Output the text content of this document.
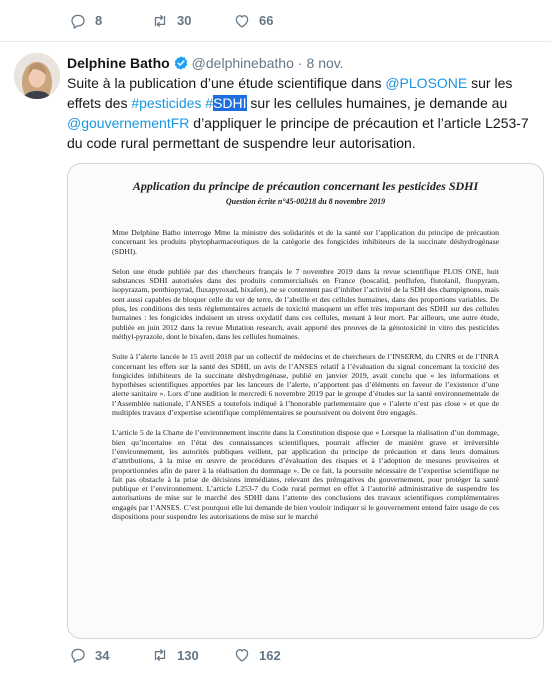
8	30	66
Delphine Batho @delphinebatho · 8 nov.
Suite à la publication d’une étude scientifique dans @PLOSONE sur les effets des #pesticides #SDHI sur les cellules humaines, je demande au @gouvernementFR d’appliquer le principe de précaution et l’article L253-7 du code rural permettant de suspendre leur autorisation.
Application du principe de précaution concernant les pesticides SDHI
Question écrite n°45-00218 du 8 novembre 2019

Mme Delphine Batho interroge Mme la ministre des solidarités et de la santé sur l’application du principe de précaution concernant les produits phytopharmaceutiques de la catégorie des fongicides inhibiteurs de la succinate déshydrogénase (SDHI).

Selon une étude publiée par des chercheurs français le 7 novembre 2019 dans la revue scientifique PLOS ONE, huit substances SDHI autorisées dans des produits commercialisés en France (boscalid, penflufen, flutolanil, fluopyram, isopyrazam, penthiopyrad, fluxapyroxad, bixafen), ne se contentent pas d’inhiber l’activité de la SDH des champignons, mais sont aussi capables de bloquer celle du ver de terre, de l’abeille et des cellules humaines, dans des proportions variables. De plus, les conditions des tests réglementaires actuels de toxicité masquent un effet très important des SDHI sur des cellules humaines : les fongicides induisent un stress oxydatif dans ces cellules, menant à leur mort. Par ailleurs, une autre étude, publiée en juin 2012 dans la revue Mutation research, avait apporté des preuves de la génotoxicité in vitro des pesticides méthyl-pyrazole, dont le bixafen, dans les cellules humaines.

Suite à l’alerte lancée le 15 avril 2018 par un collectif de médecins et de chercheurs de l’INSERM, du CNRS et de l’INRA concernant les effets sur la santé des SDHI, un avis de l’ANSES relatif à l’évaluation du signal concernant la toxicité des fongicides inhibiteurs de la succinate déshydrogénase, publié en janvier 2019, avait conclu que « les informations et hypothèses scientifiques apportées par les lanceurs de l’alerte, n’apportent pas d’éléments en faveur de l’existence d’une alerte sanitaire ». Lors d’une audition le mercredi 6 novembre 2019 par le groupe d’études sur la santé environnementale de l’Assemblée nationale, l’ANSES a toutefois indiqué à l’honorable parlementaire que « l’alerte n’est pas close » et que de multiples travaux d’expertise scientifique complémentaires se poursuivent ou doivent être engagés.

L’article 5 de la Charte de l’environnement inscrite dans la Constitution dispose que « Lorsque la réalisation d’un dommage, bien qu’incertaine en l’état des connaissances scientifiques, pourrait affecter de manière grave et irréversible l’environnement, les autorités publiques veillent, par application du principe de précaution et dans leurs domaines d’attributions, à la mise en œuvre de procédures d’évaluation des risques et à l’adoption de mesures provisoires et proportionnées afin de parer à la réalisation du dommage ». De ce fait, la poursuite nécessaire de l’expertise scientifique ne fait pas obstacle à la prise de décisions immédiates, relevant des prérogatives du gouvernement, pour protéger la santé publique et l’environnement. L’article L253-7 du Code rural permet en effet à l’autorité administrative de suspendre les autorisations de mise sur le marché des SDHI dans l’attente des conclusions des travaux scientifiques complémentaires engagés par l’ANSES. C’est pourquoi elle lui demande de bien vouloir indiquer si le gouvernement entend faire usage de ces dispositions pour suspendre les autorisations de mise sur le marché

34	130	162
